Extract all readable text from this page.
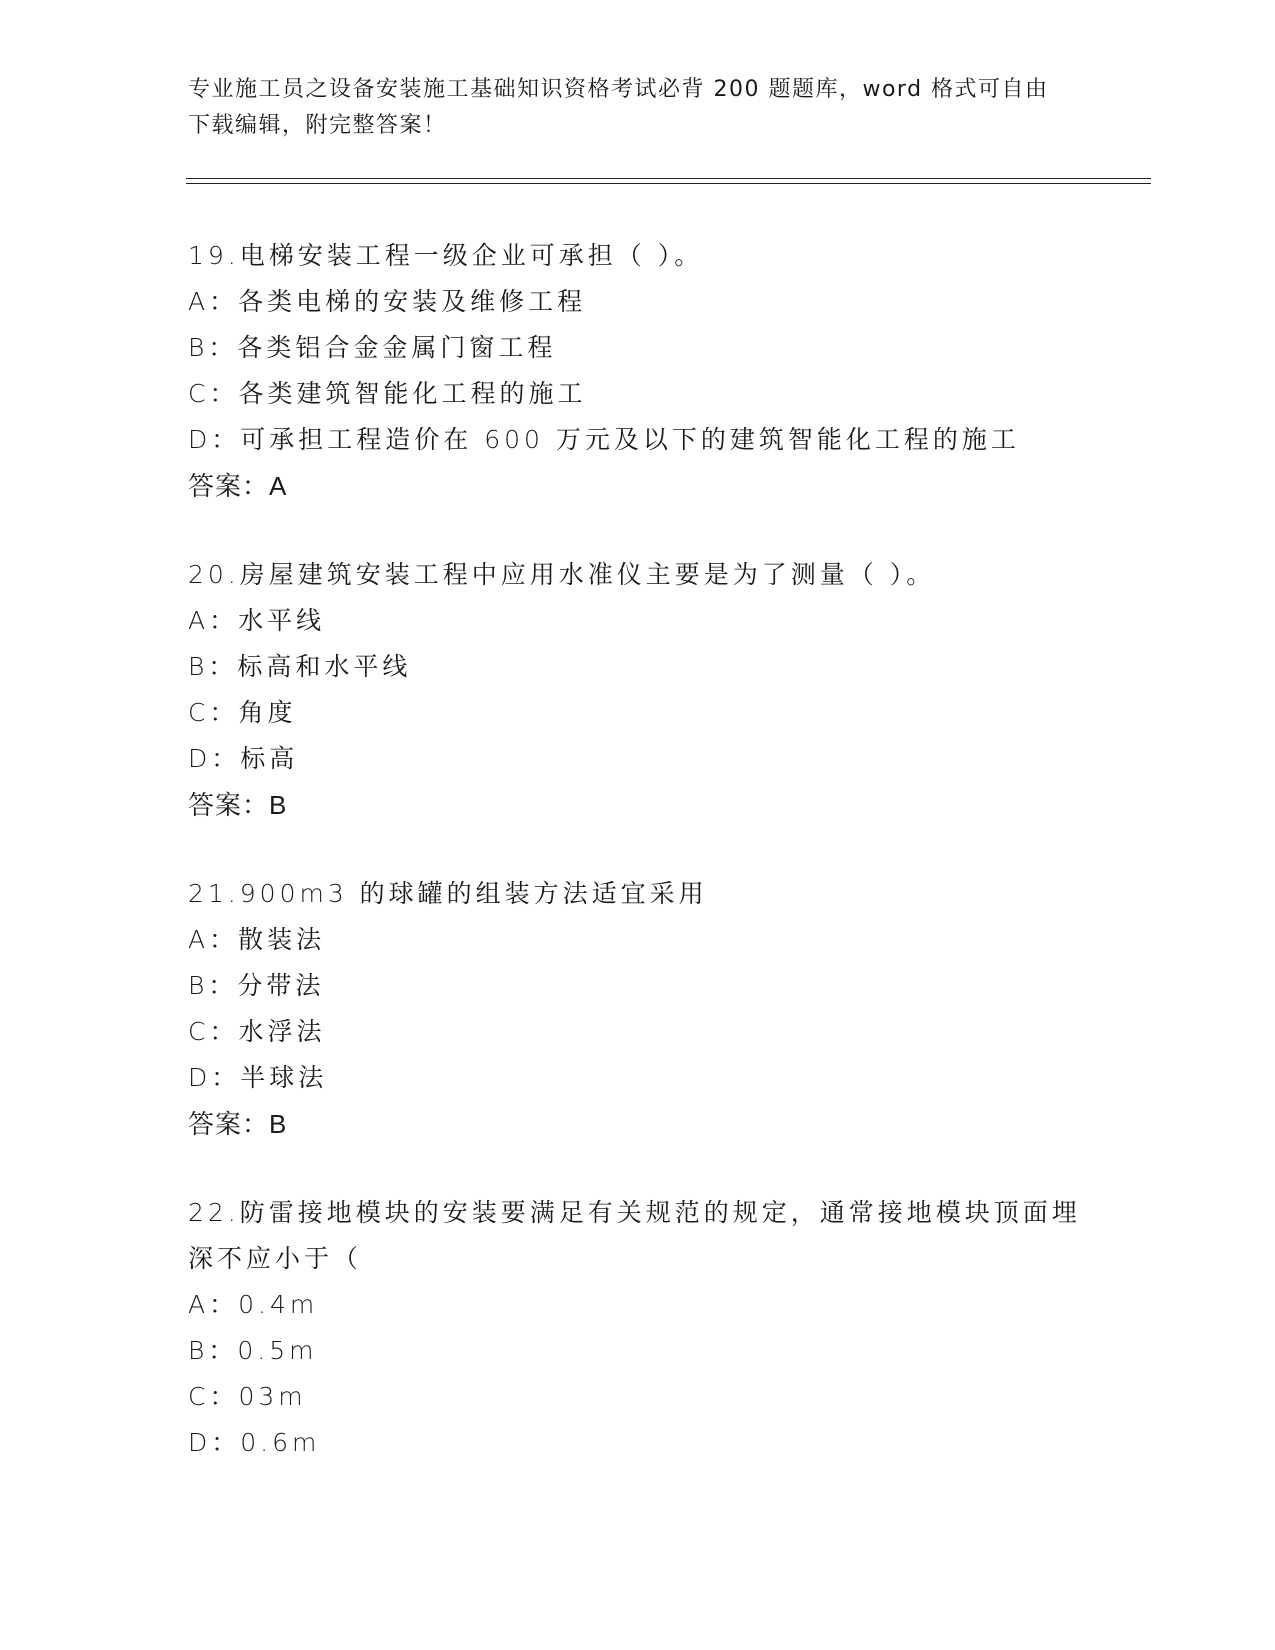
专业施工员之设备安装施工基础知识资格考试必背 200 题题库，word 格式可自由
下载编辑，附完整答案！
19.电梯安装工程一级企业可承担（ ）。
A：各类电梯的安装及维修工程
B：各类铝合金金属门窗工程
C：各类建筑智能化工程的施工
D：可承担工程造价在 600 万元及以下的建筑智能化工程的施工
答案：A
20.房屋建筑安装工程中应用水准仪主要是为了测量（ ）。
A：水平线
B：标高和水平线
C：角度
D：标高
答案：B
21.900m3 的球罐的组装方法适宜采用
A：散装法
B：分带法
C：水浮法
D：半球法
答案：B
22.防雷接地模块的安装要满足有关规范的规定，通常接地模块顶面埋
深不应小于（
A：0.4m
B：0.5m
C：03m
D：0.6m
